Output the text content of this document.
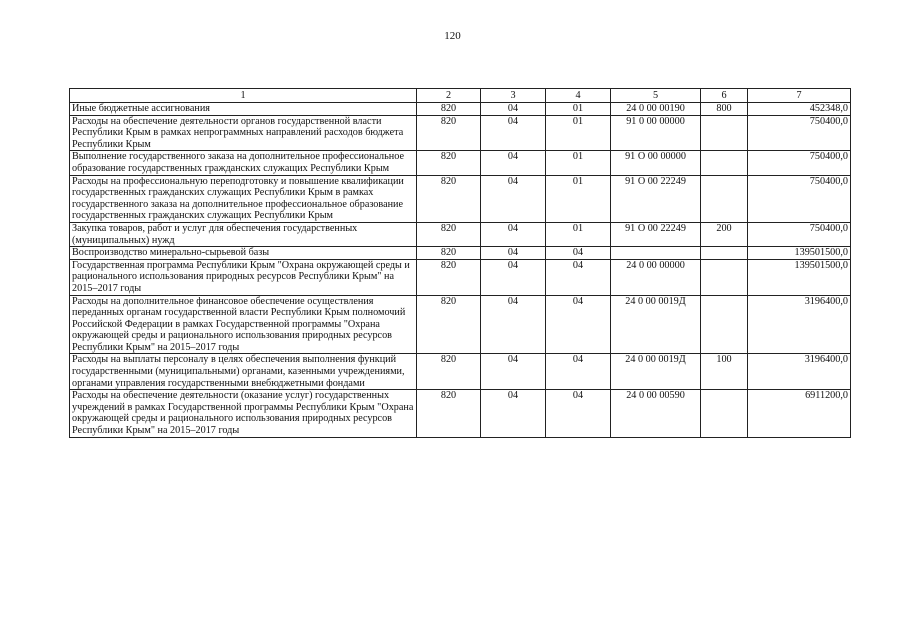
120
1	2	3	4	5	6	7
Иные бюджетные ассигнования	820	04	01	24 0 00 00190	800	452348,0
Расходы на обеспечение деятельности органов государственной власти Республики Крым в рамках непрограммных направлений расходов бюджета Республики Крым	820	04	01	91 0 00 00000		750400,0
Выполнение государственного заказа на дополнительное профессиональное образование государственных гражданских служащих Республики Крым	820	04	01	91 О 00 00000		750400,0
Расходы на профессиональную переподготовку и повышение квалификации государственных гражданских служащих Республики Крым в рамках государственного заказа на дополнительное профессиональное образование государственных гражданских служащих Республики Крым	820	04	01	91 О 00 22249		750400,0
Закупка товаров, работ и услуг для обеспечения государственных (муниципальных) нужд	820	04	01	91 О 00 22249	200	750400,0
Воспроизводство минерально-сырьевой базы	820	04	04			139501500,0
Государственная программа Республики Крым "Охрана окружающей среды и рационального использования природных ресурсов Республики Крым" на 2015–2017 годы	820	04	04	24 0 00 00000		139501500,0
Расходы на дополнительное финансовое обеспечение осуществления переданных органам государственной власти Республики Крым полномочий Российской Федерации в рамках Государственной программы "Охрана окружающей среды и рационального использования природных ресурсов Республики Крым" на 2015–2017 годы	820	04	04	24 0 00 0019Д		3196400,0
Расходы на выплаты персоналу в целях обеспечения выполнения функций государственными (муниципальными) органами, казенными учреждениями, органами управления государственными внебюджетными фондами	820	04	04	24 0 00 0019Д	100	3196400,0
Расходы на обеспечение деятельности (оказание услуг) государственных учреждений в рамках Государственной программы Республики Крым "Охрана окружающей среды и рационального использования природных ресурсов Республики Крым" на 2015–2017 годы	820	04	04	24 0 00 00590		6911200,0
